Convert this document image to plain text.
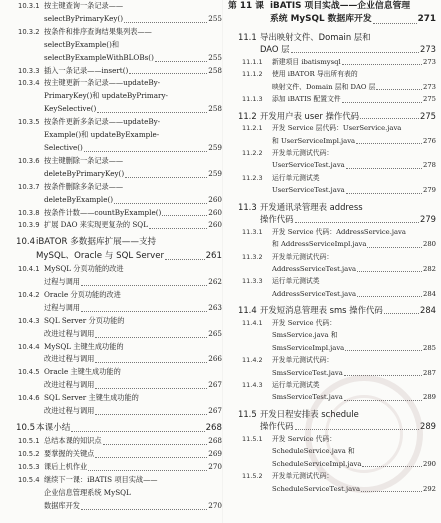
10.3.1 按主键查询一条记录——
selectByPrimaryKey()	255
10.3.2 按条件和排序查询结果集列表——
selectByExample()和
selectByExampleWithBLOBs()	255
10.3.3 插入一条记录——insert()	258
10.3.4 按主键更新一条记录——updateBy-
PrimaryKey()和 updateByPrimary-
KeySelective()	258
10.3.5 按条件更新多条记录——updateBy-
Example()和 updateByExample-
Selective()	259
10.3.6 按主键删除一条记录——
deleteByPrimaryKey()	259
10.3.7 按条件删除多条记录——
deleteByExample()	260
10.3.8 按条件计数——countByExample()	260
10.3.9 扩展 DAO 来实现更复杂的 SQL	260
10.4 iBATOR 多数据库扩展——支持
MySQL、Oracle 与 SQL Server	261
10.4.1 MySQL 分页功能的改进
过程与调用	262
10.4.2 Oracle 分页功能的改进
过程与调用	263
10.4.3 SQL Server 分页功能的
改进过程与调用	265
10.4.4 MySQL 主键生成功能的
改进过程与调用	266
10.4.5 Oracle 主键生成功能的
改进过程与调用	267
10.4.6 SQL Server 主键生成功能的
改进过程与调用	267
10.5 本课小结	268
10.5.1 总结本课的知识点	268
10.5.2 要掌握的关键点	269
10.5.3 课后上机作业	270
10.5.4 继续下一课：iBATIS 项目实战——
企业信息管理系统 MySQL
数据库开发	270
第 11 课 iBATIS 项目实战——企业信息管理
系统 MySQL 数据库开发	271
11.1 导出映射文件、Domain 层和
DAO 层	273
11.1.1 新建项目 ibatismysql	273
11.1.2 使用 iBATOR 导出所有表的
映射文件、Domain 层和 DAO 层	273
11.1.3 添加 iBATIS 配置文件	275
11.2 开发用户表 user 操作代码	275
11.2.1 开发 Service 层代码：UserService.java
和 UserServiceImpl.java	276
11.2.2 开发单元测试代码：
UserServiceTest.java	278
11.2.3 运行单元测试类
UserServiceTest.java	279
11.3 开发通讯录管理表 address
操作代码	279
11.3.1 开发 Service 代码：AddressService.java
和 AddressServiceImpl.java	280
11.3.2 开发单元测试代码：
AddressServiceTest.java	282
11.3.3 运行单元测试类
AddressServiceTest.java	284
11.4 开发短消息管理表 sms 操作代码	284
11.4.1 开发 Service 代码：
SmsService.java 和
SmsServiceImpl.java	285
11.4.2 开发单元测试代码：
SmsServiceTest.java	287
11.4.3 运行单元测试类
SmsServiceTest.java	289
11.5 开发日程安排表 schedule
操作代码	289
11.5.1 开发 Service 代码：
ScheduleService.java 和
ScheduleServiceImpl.java	290
11.5.2 开发单元测试代码：
ScheduleServiceTest.java	292
